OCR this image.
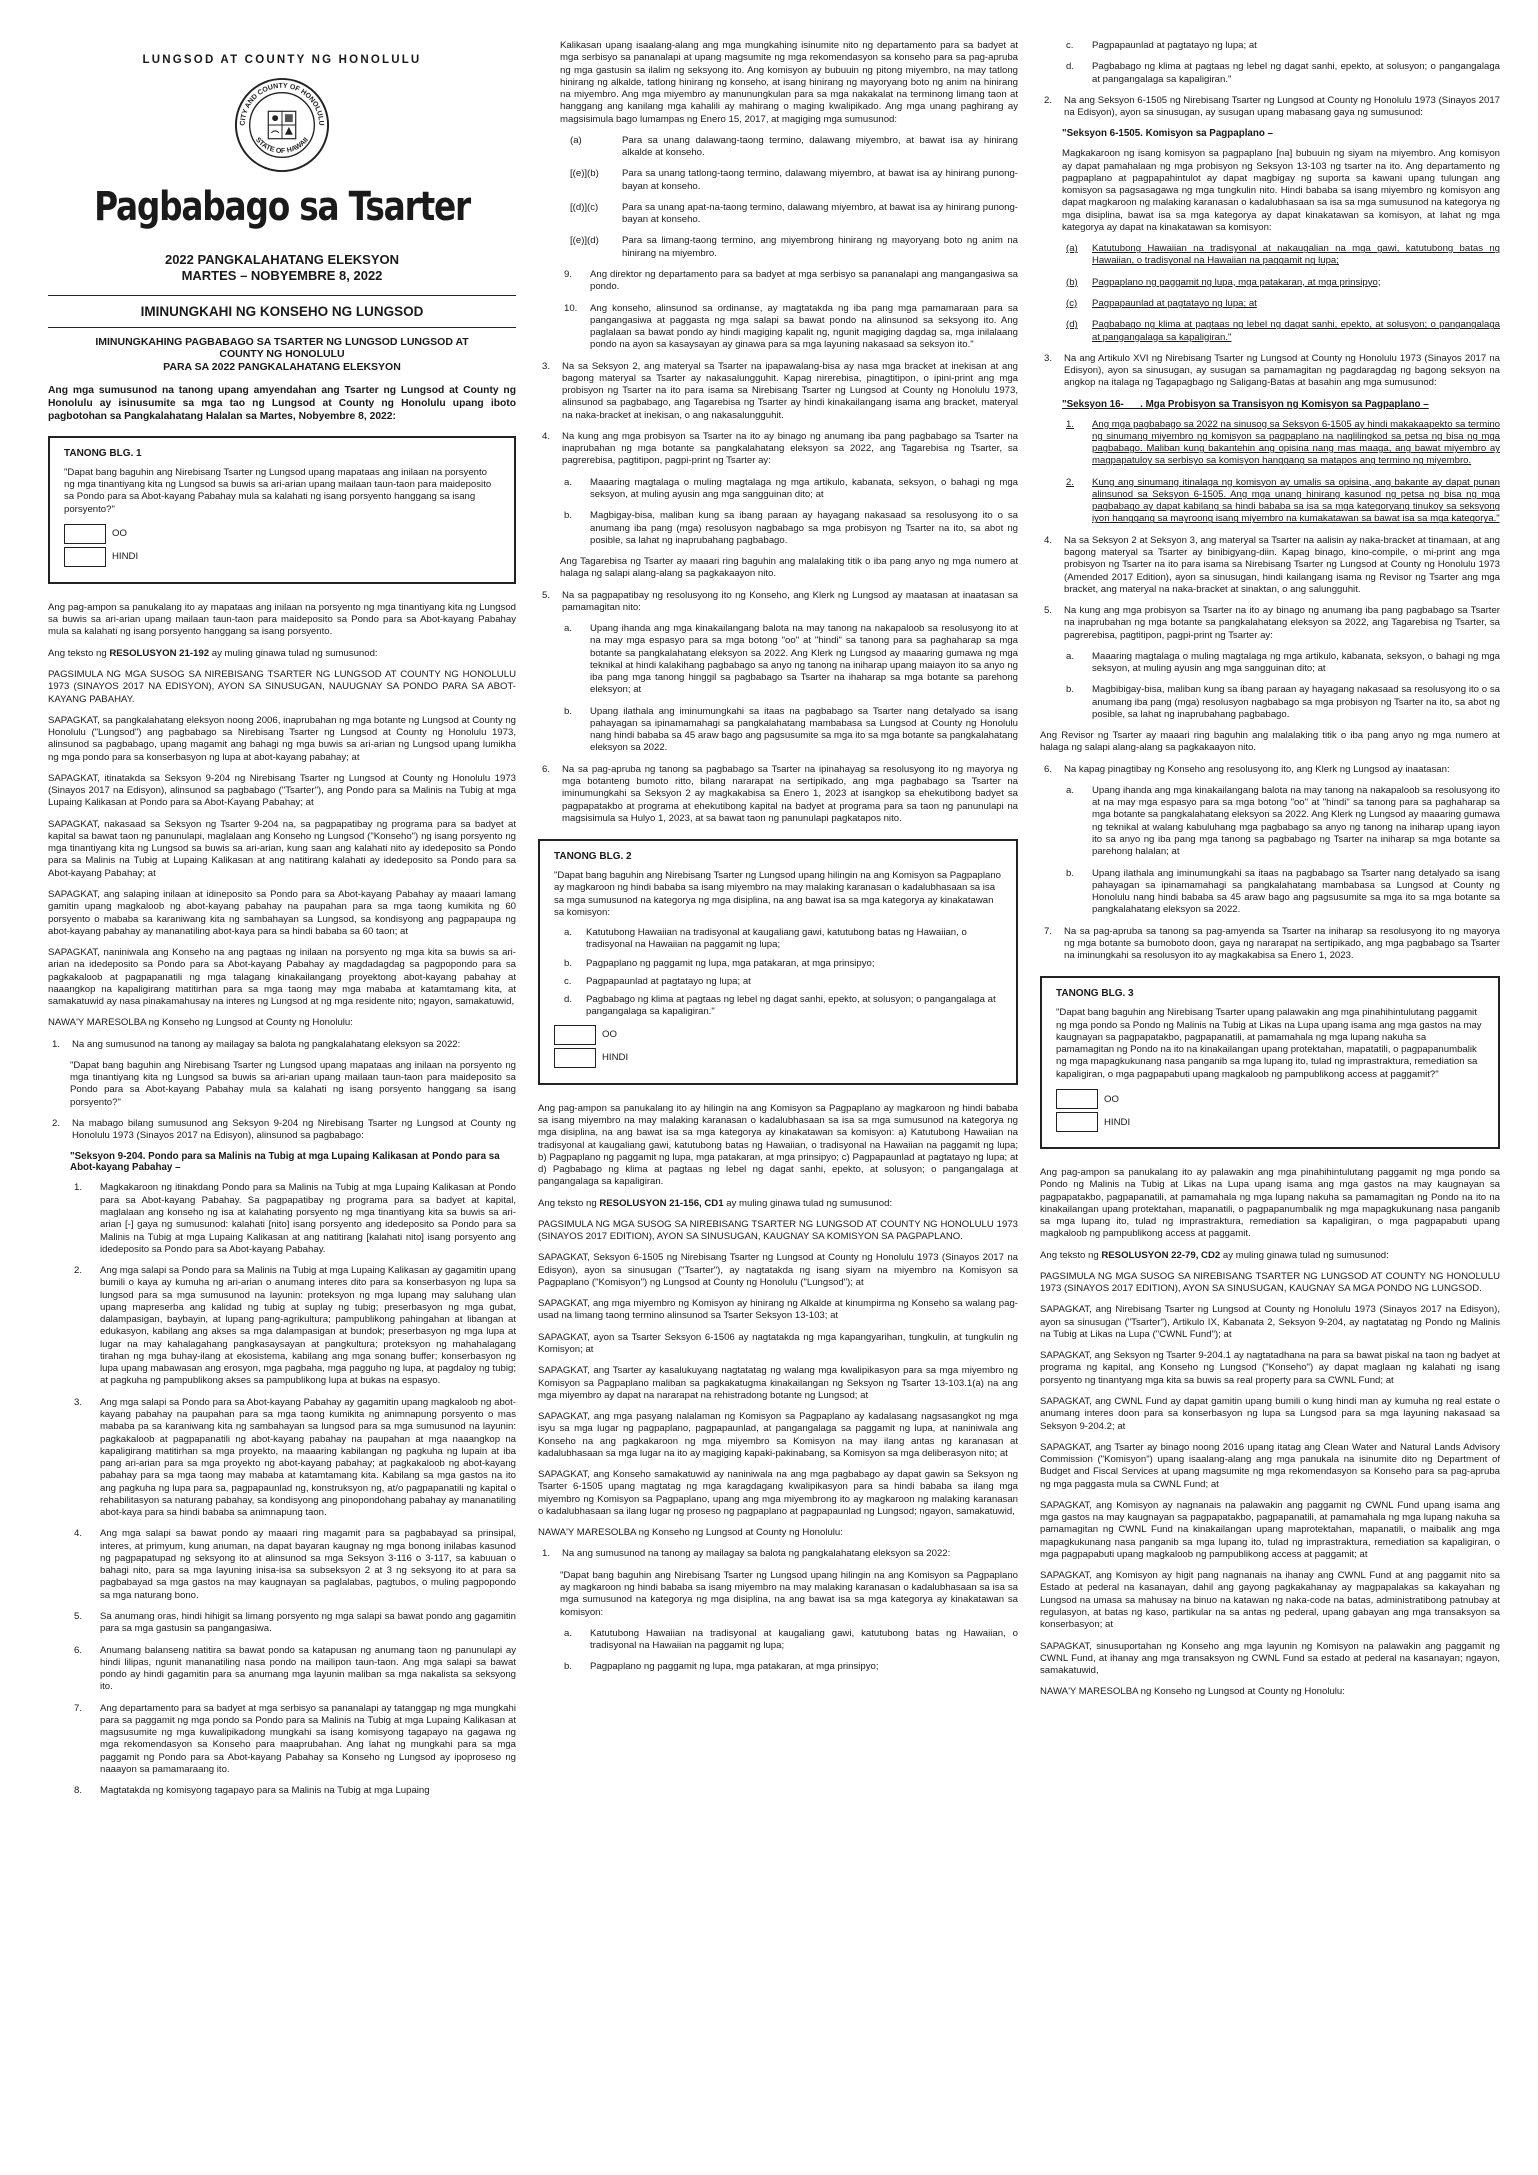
LUNGSOD AT COUNTY NG HONOLULU
CITY AND COUNTY OF HONOLULU
STATE OF HAWAII
Pagbabago sa Tsarter
2022 PANGKALAHATANG ELEKSYON
MARTES – NOBYEMBRE 8, 2022
IMINUNGKAHI NG KONSEHO NG LUNGSOD
IMINUNGKAHING PAGBABAGO SA TSARTER NG LUNGSOD LUNGSOD AT
COUNTY NG HONOLULU
PARA SA 2022 PANGKALAHATANG ELEKSYON

Ang mga sumusunod na tanong upang amyendahan ang Tsarter ng Lungsod at County ng Honolulu ay isinusumite sa mga tao ng Lungsod at County ng Honolulu upang iboto pagbotohan sa Pangkalahatang Halalan sa Martes, Nobyembre 8, 2022:

TANONG BLG. 1
"Dapat bang baguhin ang Nirebisang Tsarter ng Lungsod upang mapataas ang inilaan na porsyento ng mga tinantiyang kita ng Lungsod sa buwis sa ari-arian upang mailaan taun-taon para maideposito sa Pondo para sa Abot-kayang Pabahay mula sa kalahati ng isang porsyento hanggang sa isang porsyento?"
OO
HINDI

Ang pag-ampon sa panukalang ito ay mapataas ang inilaan na porsyento ng mga tinantiyang kita ng Lungsod sa buwis sa ari-arian upang mailaan taun-taon para maideposito sa Pondo para sa Abot-kayang Pabahay mula sa kalahati ng isang porsyento hanggang sa isang porsyento.

Ang teksto ng RESOLUSYON 21-192 ay muling ginawa tulad ng sumusunod:

PAGSIMULA NG MGA SUSOG SA NIREBISANG TSARTER NG LUNGSOD AT COUNTY NG HONOLULU 1973 (SINAYOS 2017 NA EDISYON), AYON SA SINUSUGAN, NAUUGNAY SA PONDO PARA SA ABOT-KAYANG PABAHAY.

SAPAGKAT, sa pangkalahatang eleksyon noong 2006, inaprubahan ng mga botante ng Lungsod at County ng Honolulu ("Lungsod") ang pagbabago sa Nirebisang Tsarter ng Lungsod at County ng Honolulu 1973, alinsunod sa pagbabago, upang magamit ang bahagi ng mga buwis sa ari-arian ng Lungsod upang lumikha ng mga pondo para sa konserbasyon ng lupa at abot-kayang pabahay; at

SAPAGKAT, itinatakda sa Seksyon 9-204 ng Nirebisang Tsarter ng Lungsod at County ng Honolulu 1973 (Sinayos 2017 na Edisyon), alinsunod sa pagbabago ("Tsarter"), ang Pondo para sa Malinis na Tubig at mga Lupaing Kalikasan at Pondo para sa Abot-Kayang Pabahay; at

SAPAGKAT, nakasaad sa Seksyon ng Tsarter 9-204 na, sa pagpapatibay ng programa para sa badyet at kapital sa bawat taon ng panunulapi, maglalaan ang Konseho ng Lungsod ("Konseho") ng isang porsyento ng mga tinantiyang kita ng Lungsod sa buwis sa ari-arian, kung saan ang kalahati nito ay idedeposito sa Pondo para sa Malinis na Tubig at Lupaing Kalikasan at ang natitirang kalahati ay idedeposito sa Pondo para sa Abot-kayang Pabahay; at

SAPAGKAT, ang salaping inilaan at idineposito sa Pondo para sa Abot-kayang Pabahay ay maaari lamang gamitin upang magkaloob ng abot-kayang pabahay na paupahan para sa mga taong kumikita ng 60 porsyento o mababa sa karaniwang kita ng sambahayan sa Lungsod, sa kondisyong ang pagpapaupa ng abot-kayang pabahay ay mananatiling abot-kaya para sa hindi bababa sa 60 taon; at

SAPAGKAT, naniniwala ang Konseho na ang pagtaas ng inilaan na porsyento ng mga kita sa buwis sa ari-arian na idedeposito sa Pondo para sa Abot-kayang Pabahay ay magdadagdag sa pagpopondo para sa pagkakaloob at pagpapanatili ng mga talagang kinakailangang proyektong abot-kayang pabahay at naaangkop na kapaligirang matitirhan para sa mga taong may mga mababa at katamtamang kita, at samakatuwid ay nasa pinakamahusay na interes ng Lungsod at ng mga residente nito; ngayon, samakatuwid,

NAWA'Y MARESOLBA ng Konseho ng Lungsod at County ng Honolulu:

1.	Na ang sumusunod na tanong ay mailagay sa balota ng pangkalahatang eleksyon sa 2022:

"Dapat bang baguhin ang Nirebisang Tsarter ng Lungsod upang mapataas ang inilaan na porsyento ng mga tinantiyang kita ng Lungsod sa buwis sa ari-arian upang mailaan taun-taon para maideposito sa Pondo para sa Abot-kayang Pabahay mula sa kalahati ng isang porsyento hanggang sa isang porsyento?"

2.	Na mabago bilang sumusunod ang Seksyon 9-204 ng Nirebisang Tsarter ng Lungsod at County ng Honolulu 1973 (Sinayos 2017 na Edisyon), alinsunod sa pagbabago:

"Seksyon 9-204. Pondo para sa Malinis na Tubig at mga Lupaing Kalikasan at Pondo para sa Abot-kayang Pabahay –

1.	Magkakaroon ng itinakdang Pondo para sa Malinis na Tubig at mga Lupaing Kalikasan at Pondo para sa Abot-kayang Pabahay. Sa pagpapatibay ng programa para sa badyet at kapital, maglalaan ang konseho ng isa at kalahating porsyento ng mga tinantiyang kita sa buwis sa ari-arian [-] gaya ng sumusunod: kalahati [nito] isang porsyento ang idedeposito sa Pondo para sa Malinis na Tubig at mga Lupaing Kalikasan at ang natitirang [kalahati nito] isang porsyento ang idedeposito sa Pondo para sa Abot-kayang Pabahay.
2.	Ang mga salapi sa Pondo para sa Malinis na Tubig at mga Lupaing Kalikasan ay gagamitin upang bumili o kaya ay kumuha ng ari-arian o anumang interes dito para sa konserbasyon ng lupa sa lungsod para sa mga sumusunod na layunin: proteksyon ng mga lupang may saluhang ulan upang mapreserba ang kalidad ng tubig at suplay ng tubig; preserbasyon ng mga gubat, dalampasigan, baybayin, at lupang pang-agrikultura; pampublikong pahingahan at libangan at edukasyon, kabilang ang akses sa mga dalampasigan at bundok; preserbasyon ng mga lupa at lugar na may kahalagahang pangkasaysayan at pangkultura; proteksyon ng mahahalagang tirahan ng mga buhay-ilang at ekosistema, kabilang ang mga sonang buffer; konserbasyon ng lupa upang mabawasan ang erosyon, mga pagbaha, mga pagguho ng lupa, at pagdaloy ng tubig; at pagkuha ng pampublikong akses sa pampublikong lupa at bukas na espasyo.
3.	Ang mga salapi sa Pondo para sa Abot-kayang Pabahay ay gagamitin upang magkaloob ng abot-kayang pabahay na paupahan para sa mga taong kumikita ng animnapung porsyento o mas mababa pa sa karaniwang kita ng sambahayan sa lungsod para sa mga sumusunod na layunin: pagkakaloob at pagpapanatili ng abot-kayang pabahay na paupahan at mga naaangkop na kapaligirang matitirhan sa mga proyekto, na maaaring kabilangan ng pagkuha ng lupain at iba pang ari-arian para sa mga proyekto ng abot-kayang pabahay; at pagkakaloob ng abot-kayang pabahay para sa mga taong may mababa at katamtamang kita. Kabilang sa mga gastos na ito ang pagkuha ng lupa para sa, pagpapaunlad ng, konstruksyon ng, at/o pagpapanatili ng kapital o rehabilitasyon sa naturang pabahay, sa kondisyong ang pinopondohang pabahay ay mananatiling abot-kaya para sa hindi bababa sa animnapung taon.
4.	Ang mga salapi sa bawat pondo ay maaari ring magamit para sa pagbabayad sa prinsipal, interes, at primyum, kung anuman, na dapat bayaran kaugnay ng mga bonong inilabas kasunod ng pagpapatupad ng seksyong ito at alinsunod sa mga Seksyon 3-116 o 3-117, sa kabuuan o bahagi nito, para sa mga layuning inisa-isa sa subseksyon 2 at 3 ng seksyong ito at para sa pagbabayad sa mga gastos na may kaugnayan sa paglalabas, pagtubos, o muling pagpopondo sa mga naturang bono.
5.	Sa anumang oras, hindi hihigit sa limang porsyento ng mga salapi sa bawat pondo ang gagamitin para sa mga gastusin sa pangangasiwa.
6.	Anumang balanseng natitira sa bawat pondo sa katapusan ng anumang taon ng panunulapi ay hindi lilipas, ngunit mananatiling nasa pondo na mailipon taun-taon. Ang mga salapi sa bawat pondo ay hindi gagamitin para sa anumang mga layunin maliban sa mga nakalista sa seksyong ito.
7.	Ang departamento para sa badyet at mga serbisyo sa pananalapi ay tatanggap ng mga mungkahi para sa paggamit ng mga pondo sa Pondo para sa Malinis na Tubig at mga Lupaing Kalikasan at magsusumite ng mga kuwalipikadong mungkahi sa isang komisyong tagapayo na gagawa ng mga rekomendasyon sa Konseho para maaprubahan. Ang lahat ng mungkahi para sa mga paggamit ng Pondo para sa Abot-kayang Pabahay sa Konseho ng Lungsod ay ipoproseso ng naaayon sa pamamaraang ito.
8.	Magtatakda ng komisyong tagapayo para sa Malinis na Tubig at mga Lupaing

Kalikasan upang isaalang-alang ang mga mungkahing isinumite nito ng departamento para sa badyet at mga serbisyo sa pananalapi at upang magsumite ng mga rekomendasyon sa konseho para sa pag-apruba ng mga gastusin sa ilalim ng seksyong ito. Ang komisyon ay bubuuin ng pitong miyembro, na may tatlong hinirang ng alkalde, tatlong hinirang ng konseho, at isang hinirang ng mayoryang boto ng anim na hinirang na miyembro. Ang mga miyembro ay manunungkulan para sa mga nakakalat na terminong limang taon at hanggang ang kanilang mga kahalili ay mahirang o maging kwalipikado. Ang mga unang paghirang ay magsisimula bago lumampas ng Enero 15, 2017, at magiging mga sumusunod:

(a)	Para sa unang dalawang-taong termino, dalawang miyembro, at bawat isa ay hinirang alkalde at konseho.
[(e)](b)	Para sa unang tatlong-taong termino, dalawang miyembro, at bawat isa ay hinirang punong-bayan at konseho.
[(d)](c)	Para sa unang apat-na-taong termino, dalawang miyembro, at bawat isa ay hinirang punong-bayan at konseho.
[(e)](d)	Para sa limang-taong termino, ang miyembrong hinirang ng mayoryang boto ng anim na hinirang na miyembro.
9.	Ang direktor ng departamento para sa badyet at mga serbisyo sa pananalapi ang mangangasiwa sa pondo.
10.	Ang konseho, alinsunod sa ordinanse, ay magtatakda ng iba pang mga pamamaraan para sa pangangasiwa at paggasta ng mga salapi sa bawat pondo na alinsunod sa seksyong ito. Ang paglalaan sa bawat pondo ay hindi magiging kapalit ng, ngunit magiging dagdag sa, mga inilalaang pondo na ayon sa kasaysayan ay ginawa para sa mga layuning nakasaad sa seksyon ito."
3.	Na sa Seksyon 2, ang materyal sa Tsarter na ipapawalang-bisa ay nasa mga bracket at inekisan at ang bagong materyal sa Tsarter ay nakasalungguhit. Kapag nirerebisa, pinagtitipon, o ipini-print ang mga probisyon ng Tsarter na ito para isama sa Nirebisang Tsarter ng Lungsod at County ng Honolulu 1973, alinsunod sa pagbabago, ang Tagarebisa ng Tsarter ay hindi kinakailangang isama ang bracket, materyal na naka-bracket at inekisan, o ang nakasalungguhit.
4.	Na kung ang mga probisyon sa Tsarter na ito ay binago ng anumang iba pang pagbabago sa Tsarter na inaprubahan ng mga botante sa pangkalahatang eleksyon sa 2022, ang Tagarebisa ng Tsarter, sa pagrerebisa, pagtitipon, pagpi-print ng Tsarter ay:
a.	Maaaring magtalaga o muling magtalaga ng mga artikulo, kabanata, seksyon, o bahagi ng mga seksyon, at muling ayusin ang mga sangguinan dito; at
b.	Magbigay-bisa, maliban kung sa ibang paraan ay hayagang nakasaad sa resolusyong ito o sa anumang iba pang (mga) resolusyon nagbabago sa mga probisyon ng Tsarter na ito, sa abot ng posible, sa lahat ng inaprubahang pagbabago.

Ang Tagarebisa ng Tsarter ay maaari ring baguhin ang malalaking titik o iba pang anyo ng mga numero at halaga ng salapi alang-alang sa pagkakaayon nito.

5.	Na sa pagpapatibay ng resolusyong ito ng Konseho, ang Klerk ng Lungsod ay maatasan at inaatasan sa pamamagitan nito:
a.	Upang ihanda ang mga kinakailangang balota na may tanong na nakapaloob sa resolusyong ito at na may mga espasyo para sa mga botong "oo" at "hindi" sa tanong para sa paghaharap sa mga botante sa pangkalahatang eleksyon sa 2022. Ang Klerk ng Lungsod ay maaaring gumawa ng mga teknikal at hindi kalakihang pagbabago sa anyo ng tanong na iniharap upang maiayon ito sa anyo ng iba pang mga tanong hinggil sa pagbabago sa Tsarter na ihaharap sa mga botante sa parehong eleksyon; at
b.	Upang ilathala ang iminumungkahi sa itaas na pagbabago sa Tsarter nang detalyado sa isang pahayagan sa ipinamamahagi sa pangkalahatang mambabasa sa Lungsod at County ng Honolulu nang hindi bababa sa 45 araw bago ang pagsusumite sa mga ito sa mga botante sa pangkalahatang eleksyon sa 2022.
6.	Na sa pag-apruba ng tanong sa pagbabago sa Tsarter na ipinahayag sa resolusyong ito ng mayorya ng mga botanteng bumoto ritto, bilang nararapat na sertipikado, ang mga pagbabago sa Tsarter na iminumungkahi sa Seksyon 2 ay magkakabisa sa Enero 1, 2023 at isangkop sa ehekutibong badyet sa pagpapatakbo at programa at ehekutibong kapital na badyet at programa para sa taon ng panunulapi na magsisimula sa Hulyo 1, 2023, at sa bawat taon ng panunulapi pagkatapos nito.
TANONG BLG. 2
"Dapat bang baguhin ang Nirebisang Tsarter ng Lungsod upang hilingin na ang Komisyon sa Pagpaplano ay magkaroon ng hindi bababa sa isang miyembro na may malaking karanasan o kadalubhasaan sa isa sa mga sumusunod na kategorya ng mga disiplina, na ang bawat isa sa mga kategorya ay kinakatawan sa komisyon:
a.	Katutubong Hawaiian na tradisyonal at kaugaliang gawi, katutubong batas ng Hawaiian, o tradisyonal na Hawaiian na paggamit ng lupa;
b.	Pagpaplano ng paggamit ng lupa, mga patakaran, at mga prinsipyo;
c.	Pagpapaunlad at pagtatayo ng lupa; at
d.	Pagbabago ng klima at pagtaas ng lebel ng dagat sanhi, epekto, at solusyon; o pangangalaga at pangangalaga sa kapaligiran."
OO
HINDI

Ang pag-ampon sa panukalang ito ay hilingin na ang Komisyon sa Pagpaplano ay magkaroon ng hindi bababa sa isang miyembro na may malaking karanasan o kadalubhasaan sa isa sa mga sumusunod na kategorya ng mga disiplina, na ang bawat isa sa mga kategorya ay kinakatawan sa komisyon: a) Katutubong Hawaiian na tradisyonal at kaugaliang gawi, katutubong batas ng Hawaiian, o tradisyonal na Hawaiian na paggamit ng lupa; b) Pagpaplano ng paggamit ng lupa, mga patakaran, at mga prinsipyo; c) Pagpapaunlad at pagtatayo ng lupa; at d) Pagbabago ng klima at pagtaas ng lebel ng dagat sanhi, epekto, at solusyon; o pangangalaga at pangangalaga sa kapaligiran.

Ang teksto ng RESOLUSYON 21-156, CD1 ay muling ginawa tulad ng sumusunod:

PAGSIMULA NG MGA SUSOG SA NIREBISANG TSARTER NG LUNGSOD AT COUNTY NG HONOLULU 1973 (SINAYOS 2017 EDITION), AYON SA SINUSUGAN, KAUGNAY SA KOMISYON SA PAGPAPLANO.

SAPAGKAT, Seksyon 6-1505 ng Nirebisang Tsarter ng Lungsod at County ng Honolulu 1973 (Sinayos 2017 na Edisyon), ayon sa sinusugan ("Tsarter"), ay nagtatakda ng isang siyam na miyembro na Komisyon sa Pagpaplano ("Komisyon") ng Lungsod at County ng Honolulu ("Lungsod"); at

SAPAGKAT, ang mga miyembro ng Komisyon ay hinirang ng Alkalde at kinumpirma ng Konseho sa walang pag-usad na limang taong termino alinsunod sa Tsarter Seksyon 13-103; at

SAPAGKAT, ayon sa Tsarter Seksyon 6-1506 ay nagtatakda ng mga kapangyarihan, tungkulin, at tungkulin ng Komisyon; at

SAPAGKAT, ang Tsarter ay kasalukuyang nagtatatag ng walang mga kwalipikasyon para sa mga miyembro ng Komisyon sa Pagpaplano maliban sa pagkakatugma kinakailangan ng Seksyon ng Tsarter 13-103.1(a) na ang mga miyembro ay dapat na nararapat na rehistradong botante ng Lungsod; at

SAPAGKAT, ang mga pasyang nalalaman ng Komisyon sa Pagpaplano ay kadalasang nagsasangkot ng mga isyu sa mga lugar ng pagpaplano, pagpapaunlad, at pangangalaga sa paggamit ng lupa, at naniniwala ang Konseho na ang pagkakaroon ng mga miyembro sa Komisyon na may ilang antas ng karanasan at kadalubhasaan sa mga lugar na ito ay magiging kapaki-pakinabang, sa Komisyon sa mga deliberasyon nito; at

SAPAGKAT, ang Konseho samakatuwid ay naniniwala na ang mga pagbabago ay dapat gawin sa Seksyon ng Tsarter 6-1505 upang magtatag ng mga karagdagang kwalipikasyon para sa hindi bababa sa ilang mga miyembro ng Komisyon sa Pagpaplano, upang ang mga miyembrong ito ay magkaroon ng malaking karanasan o kadalubhasaan sa ilang lugar ng proseso ng pagpaplano at pagpapaunlad ng Lungsod; ngayon, samakatuwid,

NAWA'Y MARESOLBA ng Konseho ng Lungsod at County ng Honolulu:

1.	Na ang sumusunod na tanong ay mailagay sa balota ng pangkalahatang eleksyon sa 2022:

"Dapat bang baguhin ang Nirebisang Tsarter ng Lungsod upang hilingin na ang Komisyon sa Pagpaplano ay magkaroon ng hindi bababa sa isang miyembro na may malaking karanasan o kadalubhasaan sa isa sa mga sumusunod na kategorya ng mga disiplina, na ang bawat isa sa mga kategorya ay kinakatawan sa komisyon:

a.	Katutubong Hawaiian na tradisyonal at kaugaliang gawi, katutubong batas ng Hawaiian, o tradisyonal na Hawaiian na paggamit ng lupa;
b.	Pagpaplano ng paggamit ng lupa, mga patakaran, at mga prinsipyo;
c.	Pagpapaunlad at pagtatayo ng lupa; at
d.	Pagbabago ng klima at pagtaas ng lebel ng dagat sanhi, epekto, at solusyon; o pangangalaga at pangangalaga sa kapaligiran."
2.	Na ang Seksyon 6-1505 ng Nirebisang Tsarter ng Lungsod at County ng Honolulu 1973 (Sinayos 2017 na Edisyon), ayon sa sinusugan, ay susugan upang mabasang gaya ng sumusunod:

"Seksyon 6-1505. Komisyon sa Pagpaplano –

Magkakaroon ng isang komisyon sa pagpaplano [na] bubuuin ng siyam na miyembro. Ang komisyon ay dapat pamahalaan ng mga probisyon ng Seksyon 13-103 ng tsarter na ito. Ang departamento ng pagpaplano at pagpapahintulot ay dapat magbigay ng suporta sa kawani upang tulungan ang komisyon sa pagsasagawa ng mga tungkulin nito. Hindi bababa sa isang miyembro ng komisyon ang dapat magkaroon ng malaking karanasan o kadalubhasaan sa isa sa mga sumusunod na kategorya ng mga disiplina, bawat isa sa mga kategorya ay dapat kinakatawan sa komisyon, at lahat ng mga kategorya ay dapat na kinakatawan sa komisyon:

(a)	Katutubong Hawaiian na tradisyonal at nakaugalian na mga gawi, katutubong batas ng Hawaiian, o tradisyonal na Hawaiian na paggamit ng lupa;
(b)	Pagpaplano ng paggamit ng lupa, mga patakaran, at mga prinsipyo;
(c)	Pagpapaunlad at pagtatayo ng lupa; at
(d)	Pagbabago ng klima at pagtaas ng lebel ng dagat sanhi, epekto, at solusyon; o pangangalaga at pangangalaga sa kapaligiran."
3.	Na ang Artikulo XVI ng Nirebisang Tsarter ng Lungsod at County ng Honolulu 1973 (Sinayos 2017 na Edisyon), ayon sa sinusugan, ay susugan sa pamamagitan ng pagdaragdag ng bagong seksyon na angkop na italaga ng Tagapagbago ng Saligang-Batas at basahin ang mga sumusunod:

"Seksyon 16-___. Mga Probisyon sa Transisyon ng Komisyon sa Pagpaplano –

1.	Ang mga pagbabago sa 2022 na sinusog sa Seksyon 6-1505 ay hindi makakaapekto sa termino ng sinumang miyembro ng komisyon sa pagpaplano na naglilingkod sa petsa ng bisa ng mga pagbabago. Maliban kung bakantehin ang opisina nang mas maaga, ang bawat miyembro ay magpapatuloy sa serbisyo sa komisyon hanggang sa matapos ang termino ng miyembro.
2.	Kung ang sinumang itinalaga ng komisyon ay umalis sa opisina, ang bakante ay dapat punan alinsunod sa Seksyon 6-1505. Ang mga unang hinirang kasunod ng petsa ng bisa ng mga pagbabago ay dapat kabilang sa hindi bababa sa isa sa mga kategoryang tinukoy sa seksyong iyon hanggang sa mayroong isang miyembro na kumakatawan sa bawat isa sa mga kategorya."
4.	Na sa Seksyon 2 at Seksyon 3, ang materyal sa Tsarter na aalisin ay naka-bracket at tinamaan, at ang bagong materyal sa Tsarter ay binibigyang-diin. Kapag binago, kino-compile, o mi-print ang mga probisyon ng Tsarter na ito para isama sa Nirebisang Tsarter ng Lungsod at County ng Honolulu 1973 (Amended 2017 Edition), ayon sa sinusugan, hindi kailangang isama ng Revisor ng Tsarter ang mga bracket, ang materyal na naka-bracket at sinaktan, o ang salungguhit.
5.	Na kung ang mga probisyon sa Tsarter na ito ay binago ng anumang iba pang pagbabago sa Tsarter na inaprubahan ng mga botante sa pangkalahatang eleksyon sa 2022, ang Tagarebisa ng Tsarter, sa pagrerebisa, pagtitipon, pagpi-print ng Tsarter ay:
a.	Maaaring magtalaga o muling magtalaga ng mga artikulo, kabanata, seksyon, o bahagi ng mga seksyon, at muling ayusin ang mga sangguinan dito; at
b.	Magbibigay-bisa, maliban kung sa ibang paraan ay hayagang nakasaad sa resolusyong ito o sa anumang iba pang (mga) resolusyon nagbabago sa mga probisyon ng Tsarter na ito, sa abot ng posible, sa lahat ng inaprubahang pagbabago.

Ang Revisor ng Tsarter ay maaari ring baguhin ang malalaking titik o iba pang anyo ng mga numero at halaga ng salapi alang-alang sa pagkakaayon nito.

6.	Na kapag pinagtibay ng Konseho ang resolusyong ito, ang Klerk ng Lungsod ay inaatasan:
a.	Upang ihanda ang mga kinakailangang balota na may tanong na nakapaloob sa resolusyong ito at na may mga espasyo para sa mga botong "oo" at "hindi" sa tanong para sa paghaharap sa mga botante sa pangkalahatang eleksyon sa 2022. Ang Klerk ng Lungsod ay maaaring gumawa ng teknikal at walang kabuluhang mga pagbabago sa anyo ng tanong na iniharap upang iayon ito sa anyo ng iba pang mga tanong sa pagbabago ng Tsarter na iniharap sa mga botante sa parehong halalan; at
b.	Upang ilathala ang iminumungkahi sa itaas na pagbabago sa Tsarter nang detalyado sa isang pahayagan sa ipinamamahagi sa pangkalahatang mambabasa sa Lungsod at County ng Honolulu nang hindi bababa sa 45 araw bago ang pagsusumite sa mga ito sa mga botante sa pangkalahatang eleksyon sa 2022.
7.	Na sa pag-apruba sa tanong sa pag-amyenda sa Tsarter na iniharap sa resolusyong ito ng mayorya ng mga botante sa bumoboto doon, gaya ng nararapat na sertipikado, ang mga pagbabago sa Tsarter na iminungkahi sa resolusyon ito ay magkakabisa sa Enero 1, 2023.
TANONG BLG. 3
"Dapat bang baguhin ang Nirebisang Tsarter upang palawakin ang mga pinahihintulutang paggamit ng mga pondo sa Pondo ng Malinis na Tubig at Likas na Lupa upang isama ang mga gastos na may kaugnayan sa pagpapatakbo, pagpapanatili, at pamamahala ng mga lupang nakuha sa pamamagitan ng Pondo na ito na kinakailangan upang protektahan, mapatatili, o pagpapanumbalik ng mga mapagkukunang nasa panganib sa mga lupang ito, tulad ng imprastraktura, remediation sa kapaligiran, o mga pagpapabuti upang magkaloob ng pampublikong access at paggamit?"
OO
HINDI

Ang pag-ampon sa panukalang ito ay palawakin ang mga pinahihintulutang paggamit ng mga pondo sa Pondo ng Malinis na Tubig at Likas na Lupa upang isama ang mga gastos na may kaugnayan sa pagpapatakbo, pagpapanatili, at pamamahala ng mga lupang nakuha sa pamamagitan ng Pondo na ito na kinakailangan upang protektahan, mapanatili, o pagpapanumbalik ng mga mapagkukunang nasa panganib sa mga lupang ito, tulad ng imprastraktura, remediation sa kapaligiran, o mga pagpapabuti upang magkaloob ng pampublikong access at paggamit.

Ang teksto ng RESOLUSYON 22-79, CD2 ay muling ginawa tulad ng sumusunod:

PAGSIMULA NG MGA SUSOG SA NIREBISANG TSARTER NG LUNGSOD AT COUNTY NG HONOLULU 1973 (SINAYOS 2017 EDITION), AYON SA SINUSUGAN, KAUGNAY SA MGA PONDO NG LUNGSOD.

SAPAGKAT, ang Nirebisang Tsarter ng Lungsod at County ng Honolulu 1973 (Sinayos 2017 na Edisyon), ayon sa sinusugan ("Tsarter"), Artikulo IX, Kabanata 2, Seksyon 9-204, ay nagtatatag ng Pondo ng Malinis na Tubig at Likas na Lupa ("CWNL Fund"); at

SAPAGKAT, ang Seksyon ng Tsarter 9-204.1 ay nagtatadhana na para sa bawat piskal na taon ng badyet at programa ng kapital, ang Konseho ng Lungsod ("Konseho") ay dapat maglaan ng kalahati ng isang porsyento ng tinantyang mga kita sa buwis sa real property para sa CWNL Fund; at

SAPAGKAT, ang CWNL Fund ay dapat gamitin upang bumili o kung hindi man ay kumuha ng real estate o anumang interes doon para sa konserbasyon ng lupa sa Lungsod para sa mga layuning nakasaad sa Seksyon 9-204.2; at

SAPAGKAT, ang Tsarter ay binago noong 2016 upang itatag ang Clean Water and Natural Lands Advisory Commission ("Komisyon") upang isaalang-alang ang mga panukala na isinumite dito ng Department of Budget and Fiscal Services at upang magsumite ng mga rekomendasyon sa Konseho para sa pag-apruba ng mga paggasta mula sa CWNL Fund; at

SAPAGKAT, ang Komisyon ay nagnanais na palawakin ang paggamit ng CWNL Fund upang isama ang mga gastos na may kaugnayan sa pagpapatakbo, pagpapanatili, at pamamahala ng mga lupang nakuha sa pamamagitan ng CWNL Fund na kinakailangan upang maprotektahan, mapanatili, o maibalik ang mga mapagkukunang nasa panganib sa mga lupang ito, tulad ng imprastraktura, remediation sa kapaligiran, o mga pagpapabuti upang magkaloob ng pampublikong access at paggamit; at

SAPAGKAT, ang Komisyon ay higit pang nagnanais na ihanay ang CWNL Fund at ang paggamit nito sa Estado at pederal na kasanayan, dahil ang gayong pagkakahanay ay magpapalakas sa kakayahan ng Lungsod na umasa sa mahusay na binuo na katawan ng naka-code na batas, administratibong patnubay at regulasyon, at batas ng kaso, partikular na sa antas ng pederal, upang gabayan ang mga transaksyon sa konserbasyon; at

SAPAGKAT, sinusuportahan ng Konseho ang mga layunin ng Komisyon na palawakin ang paggamit ng CWNL Fund, at ihanay ang mga transaksyon ng CWNL Fund sa estado at pederal na kasanayan; ngayon, samakatuwid,

NAWA'Y MARESOLBA ng Konseho ng Lungsod at County ng Honolulu:
